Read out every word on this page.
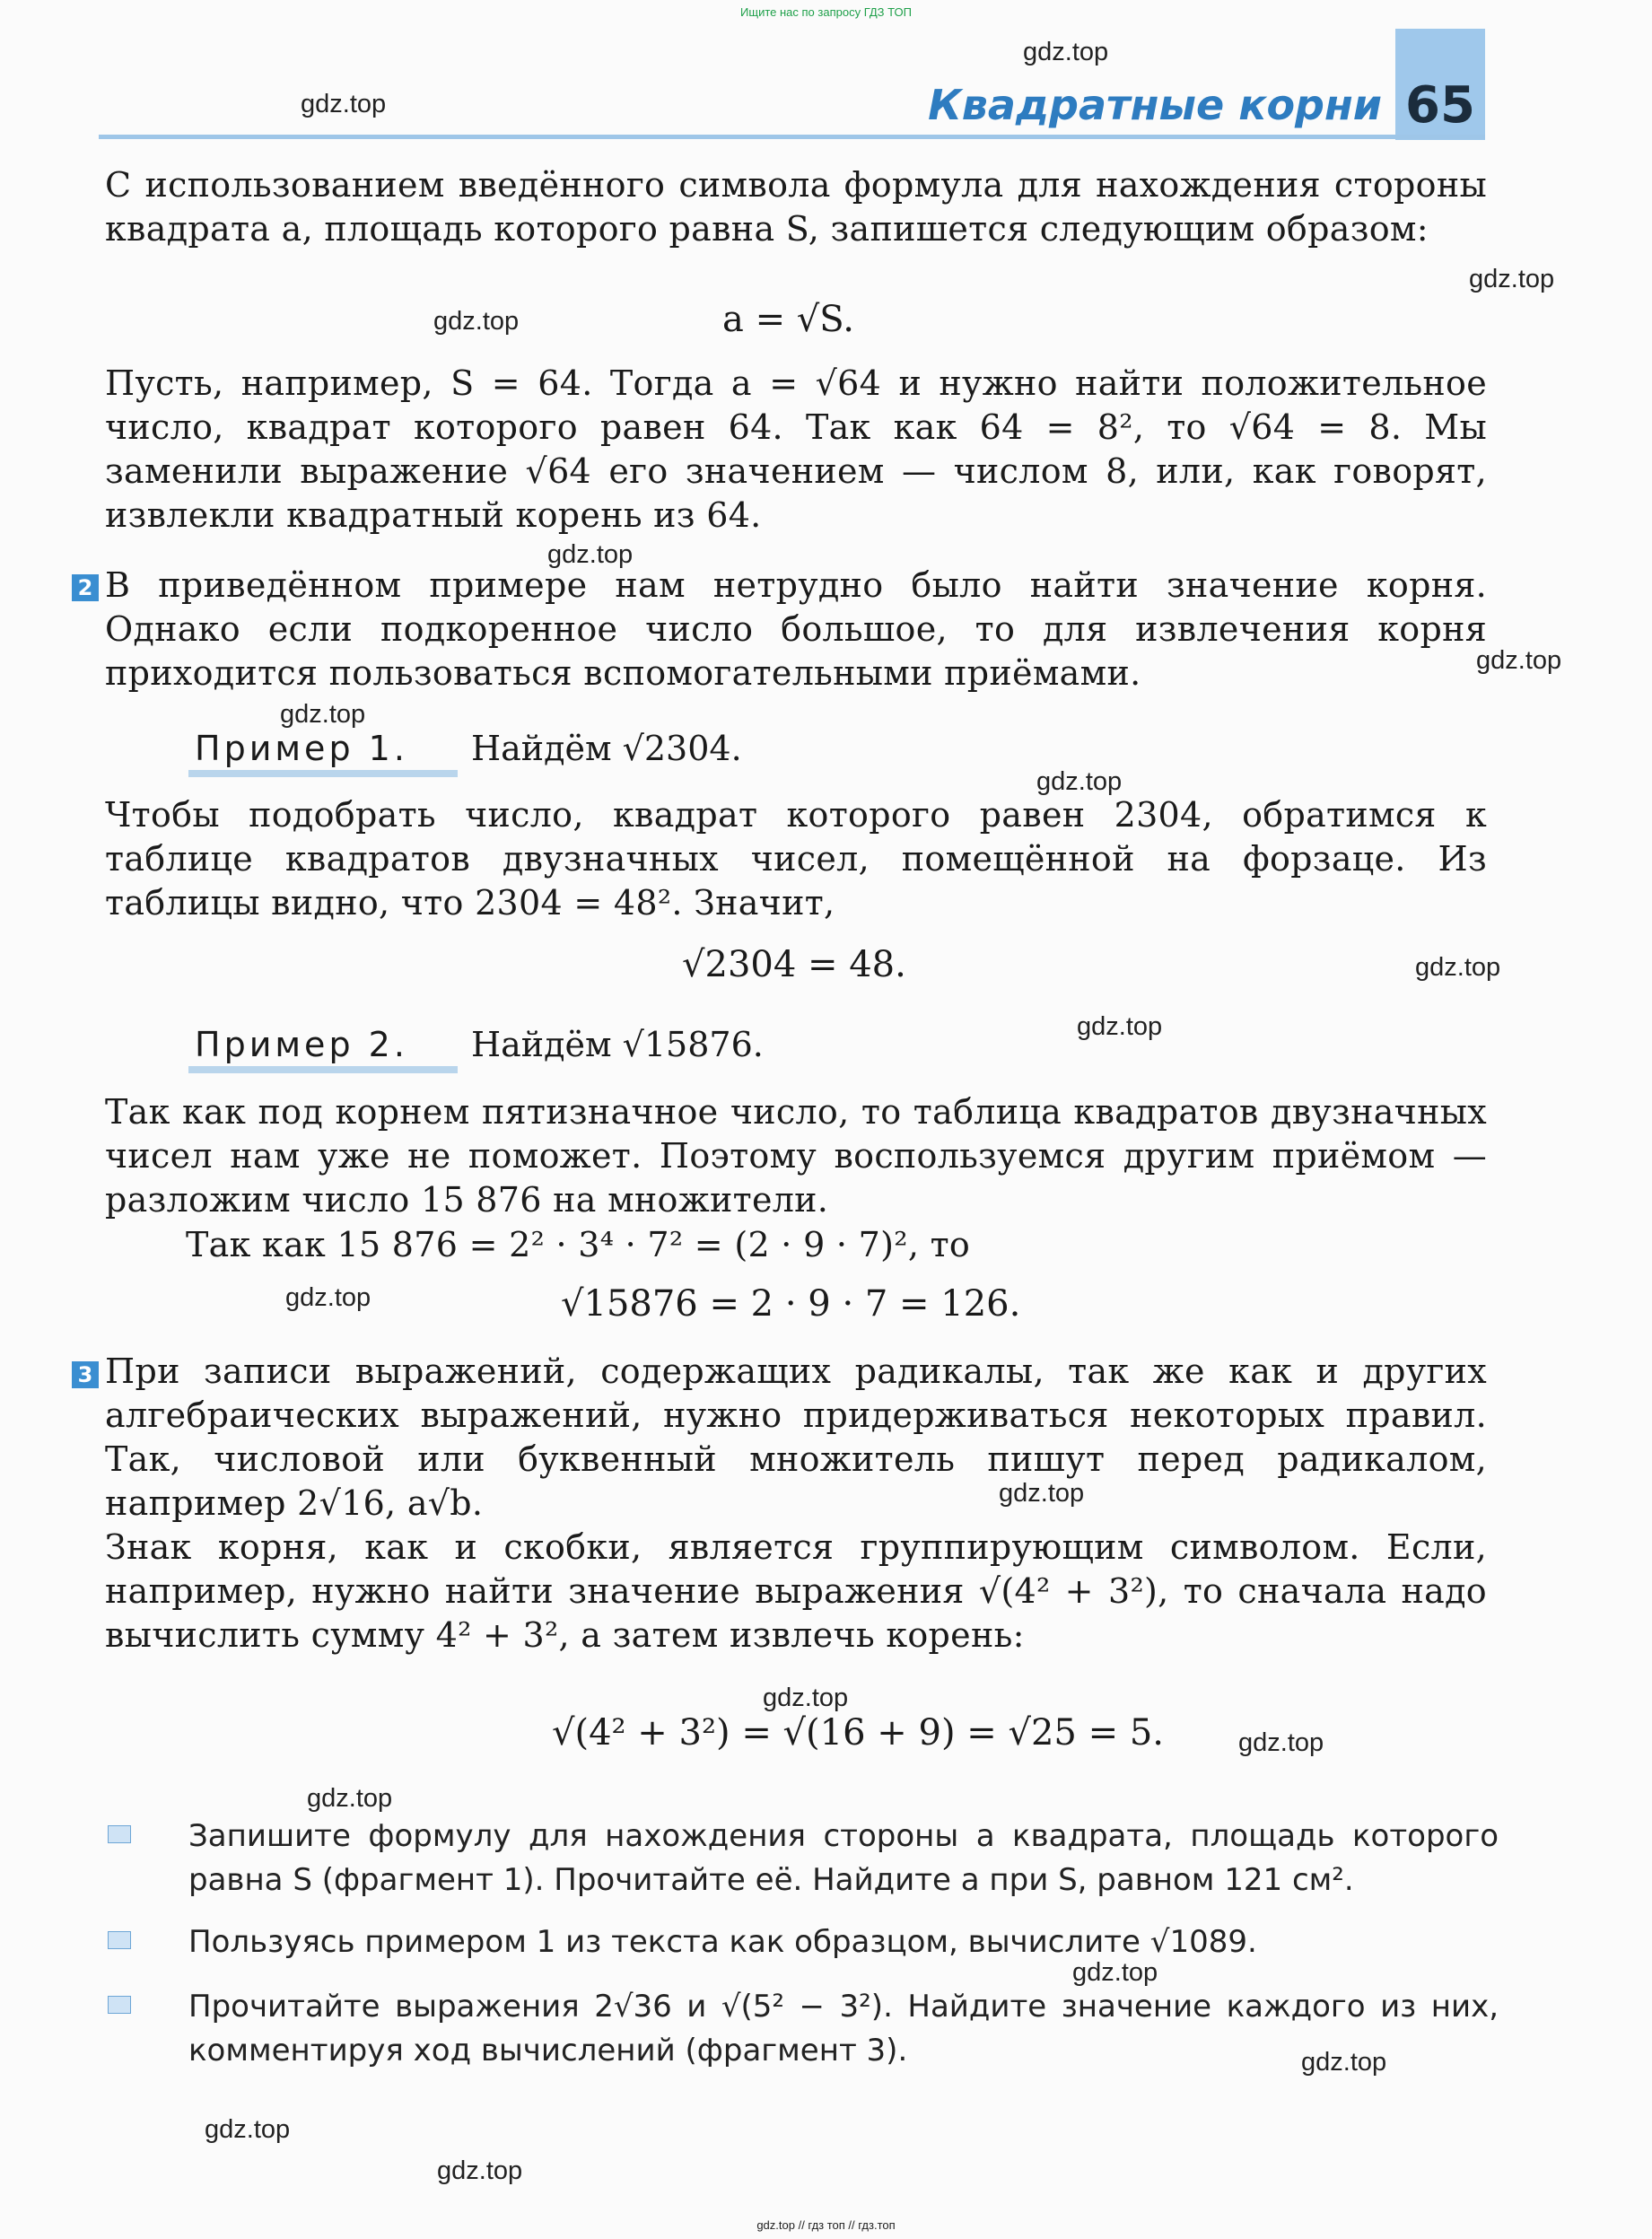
Ищите нас по запросу ГДЗ ТОП
Квадратные корни 65
С использованием введённого символа формула для нахождения стороны квадрата a, площадь которого равна S, запишется следующим образом:
a = √S.
Пусть, например, S = 64. Тогда a = √64 и нужно найти положительное число, квадрат которого равен 64. Так как 64 = 8², то √64 = 8. Мы заменили выражение √64 его значением — числом 8, или, как говорят, извлекли квадратный корень из 64.
2 В приведённом примере нам нетрудно было найти значение корня. Однако если подкоренное число большое, то для извлечения корня приходится пользоваться вспомогательными приёмами.
Пример 1. Найдём √2304.
Чтобы подобрать число, квадрат которого равен 2304, обратимся к таблице квадратов двузначных чисел, помещённой на форзаце. Из таблицы видно, что 2304 = 48². Значит,
√2304 = 48.
Пример 2. Найдём √15876.
Так как под корнем пятизначное число, то таблица квадратов двузначных чисел нам уже не поможет. Поэтому воспользуемся другим приёмом — разложим число 15 876 на множители.
Так как 15 876 = 2² · 3⁴ · 7² = (2 · 9 · 7)², то
√15876 = 2 · 9 · 7 = 126.
3 При записи выражений, содержащих радикалы, так же как и других алгебраических выражений, нужно придерживаться некоторых правил. Так, числовой или буквенный множитель пишут перед радикалом, например 2√16, a√b.
Знак корня, как и скобки, является группирующим символом. Если, например, нужно найти значение выражения √(4² + 3²), то сначала надо вычислить сумму 4² + 3², а затем извлечь корень:
√(4² + 3²) = √(16 + 9) = √25 = 5.
Запишите формулу для нахождения стороны a квадрата, площадь которого равна S (фрагмент 1). Прочитайте её. Найдите a при S, равном 121 см².
Пользуясь примером 1 из текста как образцом, вычислите √1089.
Прочитайте выражения 2√36 и √(5² − 3²). Найдите значение каждого из них, комментируя ход вычислений (фрагмент 3).
gdz.top
gdz.top
gdz.top
gdz.top
gdz.top
gdz.top
gdz.top
gdz.top
gdz.top
gdz.top
gdz.top
gdz.top
gdz.top
gdz.top
gdz.top
gdz.top
gdz.top
gdz.top
gdz.top
gdz.top // гдз топ // гдз.топ
